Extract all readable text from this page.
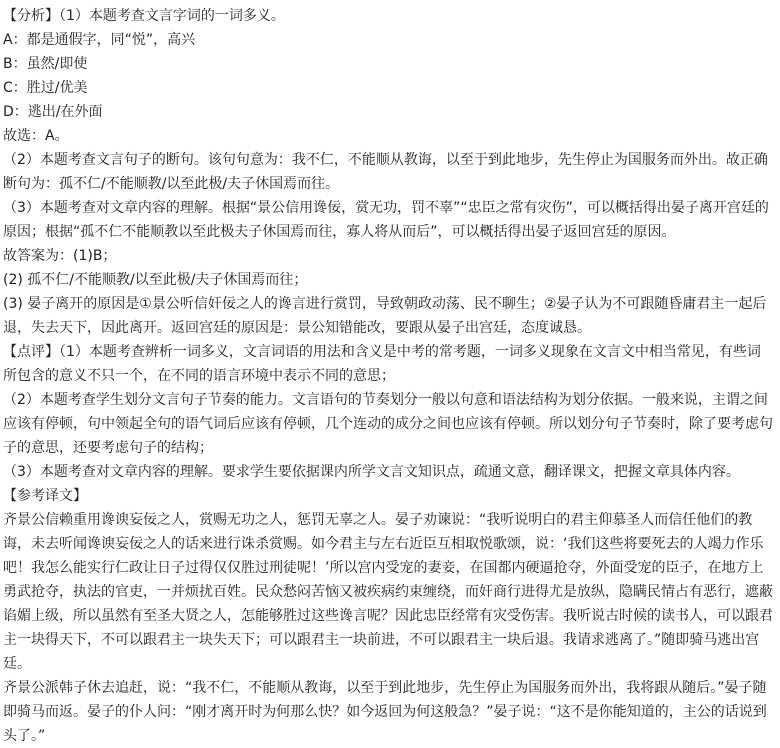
【分析】（1）本题考查文言字词的一词多义。

A：都是通假字，同“悦”，高兴

B：虽然/即使

C：胜过/优美

D：逃出/在外面

故选：A。

（2）本题考查文言句子的断句。该句句意为：我不仁，不能顺从教诲，以至于到此地步，先生停止为国服务而外出。故正确断句为：孤不仁/不能顺教/以至此极/夫子休国焉而往。

（3）本题考查对文章内容的理解。根据“景公信用谗佞，赏无功，罚不辜”“忠臣之常有灾伤”，可以概括得出晏子离开宫廷的原因；根据“孤不仁不能顺教以至此极夫子休国焉而往，寡人将从而后”，可以概括得出晏子返回宫廷的原因。

故答案为：(1)B；

(2) 孤不仁/不能顺教/以至此极/夫子休国焉而往；

(3) 晏子离开的原因是①景公听信奸佞之人的谗言进行赏罚，导致朝政动荡、民不聊生；②晏子认为不可跟随昏庸君主一起后退，失去天下，因此离开。返回宫廷的原因是：景公知错能改，要跟从晏子出宫廷，态度诚恳。

【点评】（1）本题考查辨析一词多义，文言词语的用法和含义是中考的常考题，一词多义现象在文言文中相当常见，有些词所包含的意义不只一个，在不同的语言环境中表示不同的意思；

（2）本题考查学生划分文言句子节奏的能力。文言语句的节奏划分一般以句意和语法结构为划分依据。一般来说，主谓之间应该有停顿，句中领起全句的语气词后应该有停顿，几个连动的成分之间也应该有停顿。所以划分句子节奏时，除了要考虑句子的意思，还要考虑句子的结构；

（3）本题考查对文章内容的理解。要求学生要依据课内所学文言文知识点，疏通文意，翻译课文，把握文章具体内容。

【参考译文】

齐景公信赖重用谗谀妄佞之人，赏赐无功之人，惩罚无辜之人。晏子劝谏说：“我听说明白的君主仰慕圣人而信任他们的教诲，未去听闻谗谀妄佞之人的话来进行诛杀赏赐。如今君主与左右近臣互相取悦歌颂，说：‘我们这些将要死去的人竭力作乐吧！我怎么能实行仁政让日子过得仅仅胜过刑徒呢！’所以宫内受宠的妻妾，在国都内硬逼抢夺，外面受宠的臣子，在地方上勇武抢夺，执法的官吏，一并烦扰百姓。民众愁闷苦恼又被疾病约束缠绕，而奸商行进得尤是放纵，隐瞒民情占有恶行，遮蔽谄媚上级，所以虽然有至圣大贤之人，怎能够胜过这些谗言呢？因此忠臣经常有灾受伤害。我听说古时候的读书人，可以跟君主一块得天下，不可以跟君主一块失天下；可以跟君主一块前进，不可以跟君主一块后退。我请求逃离了。”随即骑马逃出宫廷。

齐景公派韩子休去追赶，说：“我不仁，不能顺从教诲，以至于到此地步，先生停止为国服务而外出，我将跟从随后。”晏子随即骑马而返。晏子的仆人问：“刚才离开时为何那么快？如今返回为何这般急？”晏子说：“这不是你能知道的，主公的话说到头了。”
